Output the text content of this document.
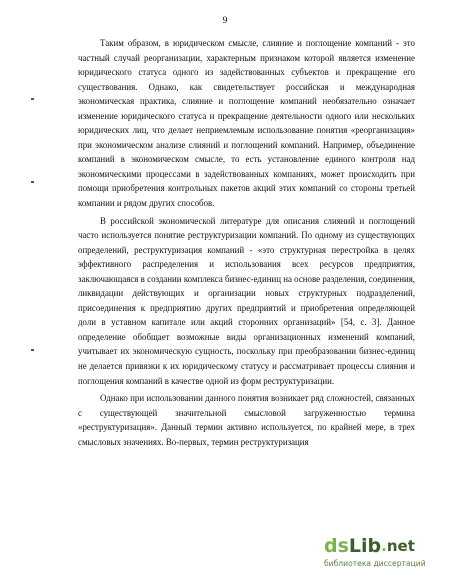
9

Таким образом, в юридическом смысле, слияние и поглощение компаний - это частный случай реорганизации, характерным признаком которой является изменение юридического статуса одного из задействованных субъектов и прекращение его существования. Однако, как свидетельствует российская и международная экономическая практика, слияние и поглощение компаний необязательно означает изменение юридического статуса и прекращение деятельности одного или нескольких юридических лиц, что делает неприемлемым использование понятия «реорганизация» при экономическом анализе слияний и поглощений компаний. Например, объединение компаний в экономическом смысле, то есть установление единого контроля над экономическими процессами в задействованных компаниях, может происходить при помощи приобретения контрольных пакетов акций этих компаний со стороны третьей компании и рядом других способов.

В российской экономической литературе для описания слияний и поглощений часто используется понятие реструктуризации компаний. По одному из существующих определений, реструктуризация компаний - «это структурная перестройка в целях эффективного распределения и использования всех ресурсов предприятия, заключающаяся в создании комплекса бизнес-единиц на основе разделения, соединения, ликвидации действующих и организации новых структурных подразделений, присоединения к предприятию других предприятий и приобретения определяющей доли в уставном капитале или акций сторонних организаций» [54, с. 3]. Данное определение обобщает возможные виды организационных изменений компаний, учитывает их экономическую сущность, поскольку при преобразовании бизнес-единиц не делается привязки к их юридическому статусу и рассматривает процессы слияния и поглощения компаний в качестве одной из форм реструктуризации.

Однако при использовании данного понятия возникает ряд сложностей, связанных с существующей значительной смысловой загруженностью термина «реструктуризация». Данный термин активно используется, по крайней мере, в трех смысловых значениях. Во-первых, термин реструктуризация

ds Lib . net
библиотека диссертаций
